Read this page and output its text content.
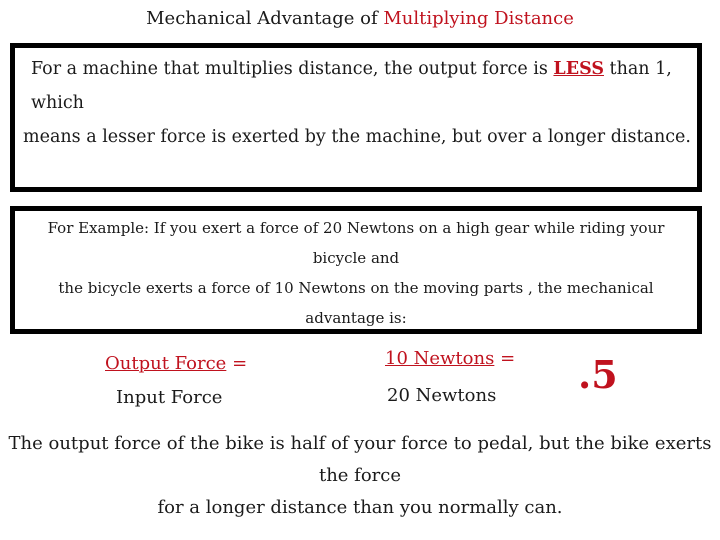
Mechanical Advantage of Multiplying Distance
For a machine that multiplies distance, the output force is LESS than 1, which
means a lesser force is exerted by the machine, but over a longer distance.
For Example: If you exert a force of 20 Newtons on a high gear while riding your bicycle and
the bicycle exerts a force of 10 Newtons on the moving parts , the mechanical advantage is:
Output Force =
Input Force
10 Newtons =
20 Newtons .5
The output force of the bike is half of your force to pedal, but the bike exerts the force
for a longer distance than you normally can.
